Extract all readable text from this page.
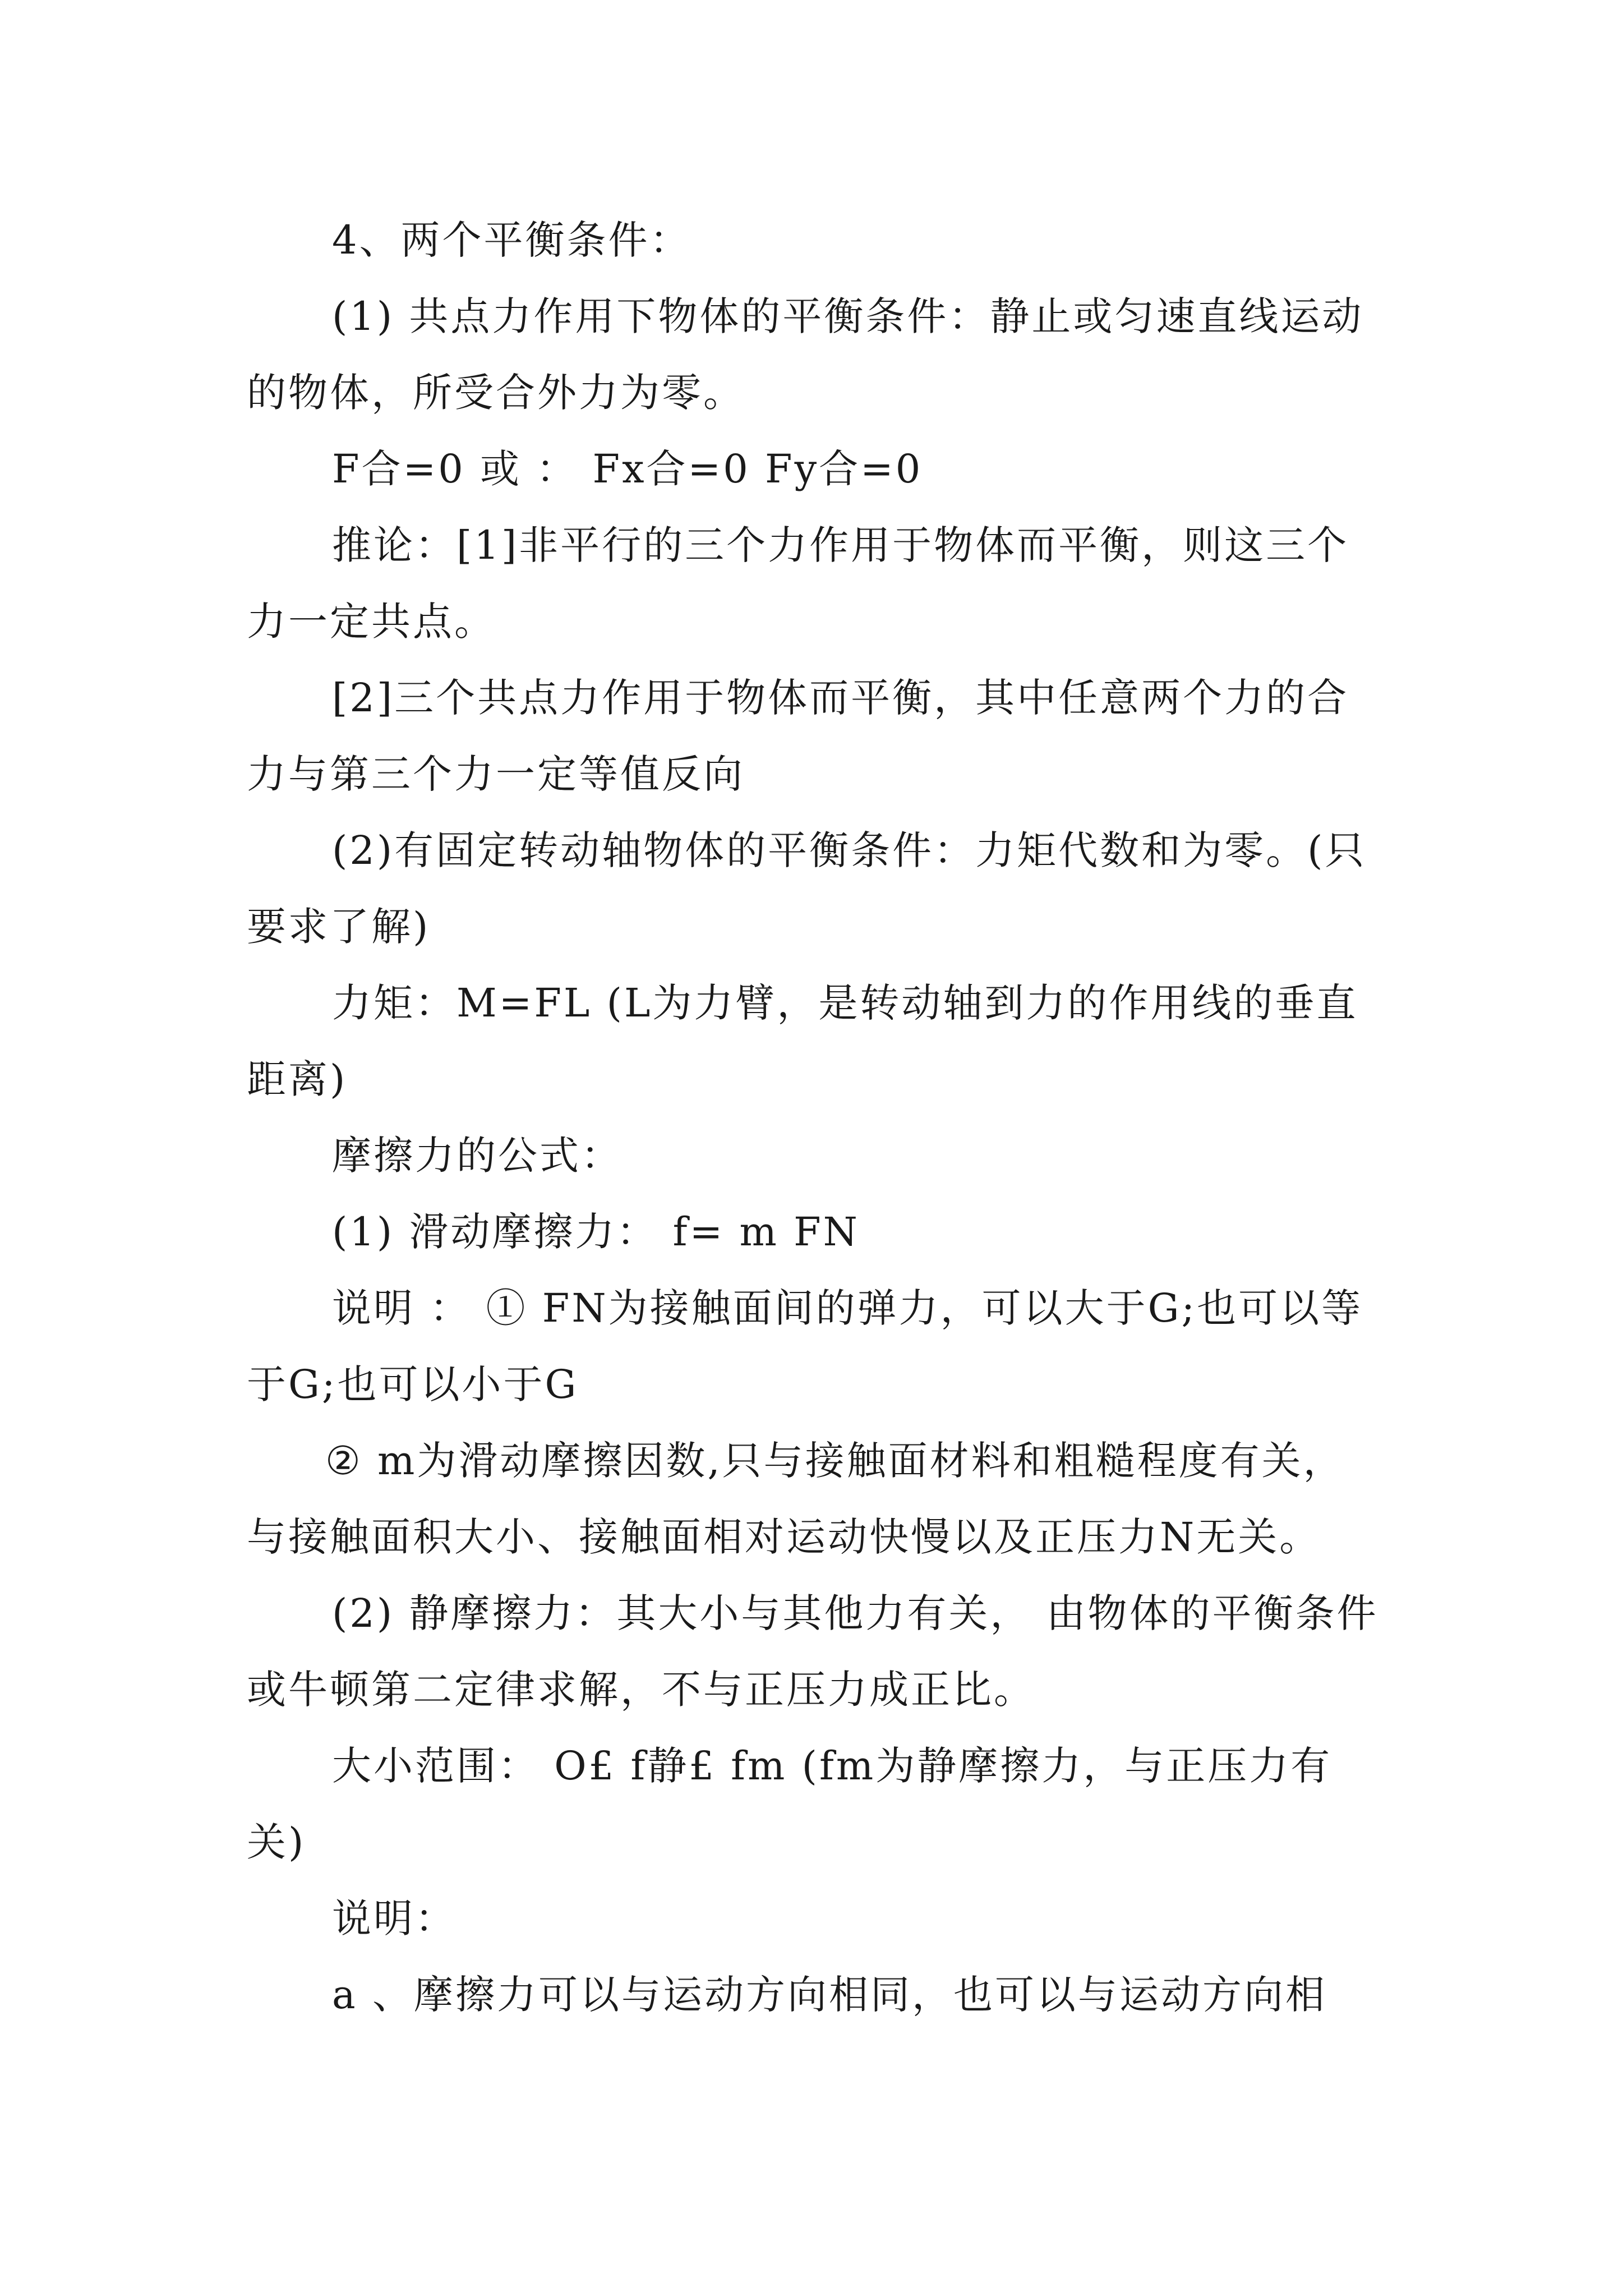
4、两个平衡条件：

(1) 共点力作用下物体的平衡条件：静止或匀速直线运动的物体，所受合外力为零。

F合=0 或 ： Fx合=0 Fy合=0

推论：[1]非平行的三个力作用于物体而平衡，则这三个力一定共点。

[2]三个共点力作用于物体而平衡，其中任意两个力的合力与第三个力一定等值反向

(2)有固定转动轴物体的平衡条件：力矩代数和为零。(只要求了解)

力矩：M=FL (L为力臂，是转动轴到力的作用线的垂直距离)

摩擦力的公式：

(1) 滑动摩擦力： f= m FN

说明 ： ① FN为接触面间的弹力，可以大于G;也可以等于G;也可以小于G

② m为滑动摩擦因数,只与接触面材料和粗糙程度有关，与接触面积大小、接触面相对运动快慢以及正压力N无关。

(2) 静摩擦力：其大小与其他力有关， 由物体的平衡条件或牛顿第二定律求解，不与正压力成正比。

大小范围： O£ f静£ fm (fm为静摩擦力，与正压力有关)

说明：

a 、摩擦力可以与运动方向相同，也可以与运动方向相
